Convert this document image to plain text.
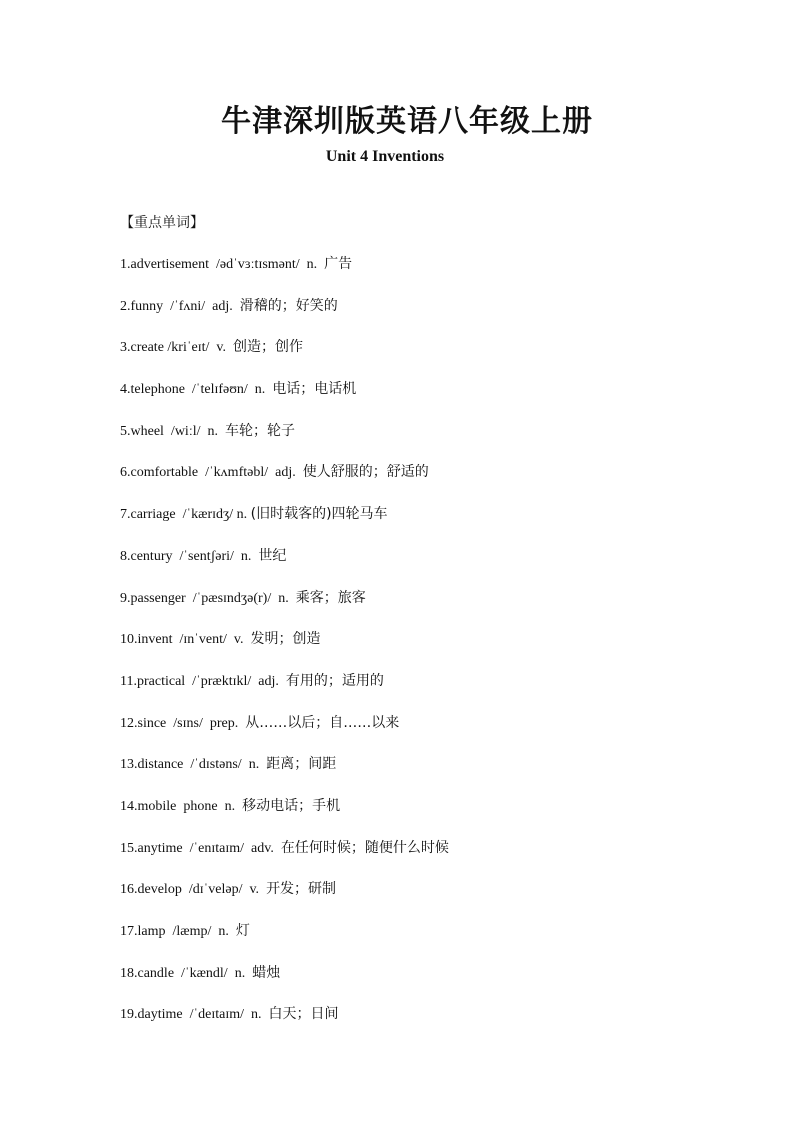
牛津深圳版英语八年级上册
Unit 4 Inventions
【重点单词】
1.advertisement  /ədˈvɜːtɪsmənt/  n.  广告
2.funny  /ˈfʌni/  adj.  滑稽的；好笑的
3.create /kriˈeɪt/  v.  创造；创作
4.telephone  /ˈtelɪfəʊn/  n.  电话；电话机
5.wheel  /wiːl/  n.  车轮；轮子
6.comfortable  /ˈkʌmftəbl/  adj.  使人舒服的；舒适的
7.carriage  /ˈkærɪdʒ/ n. (旧时载客的)四轮马车
8.century  /ˈsentʃəri/  n.  世纪
9.passenger  /ˈpæsɪndʒə(r)/  n.  乘客；旅客
10.invent  /ɪnˈvent/  v.  发明；创造
11.practical  /ˈpræktɪkl/  adj.  有用的；适用的
12.since  /sɪns/  prep.  从……以后；自……以来
13.distance  /ˈdɪstəns/  n.  距离；间距
14.mobile  phone  n.  移动电话；手机
15.anytime  /ˈenɪtaɪm/  adv.  在任何时候；随便什么时候
16.develop  /dɪˈveləp/  v.  开发；研制
17.lamp  /læmp/  n.  灯
18.candle  /ˈkændl/  n.  蜡烛
19.daytime  /ˈdeɪtaɪm/  n.  白天；日间
